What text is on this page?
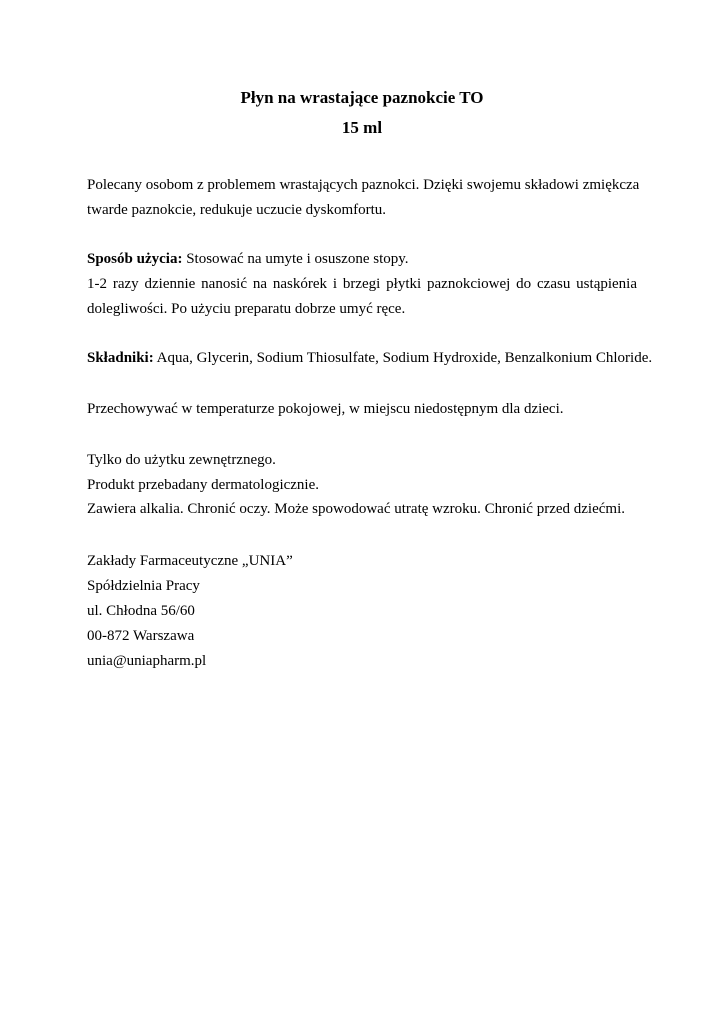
Płyn na wrastające paznokcie TO
15 ml
Polecany osobom z problemem wrastających paznokci. Dzięki swojemu składowi zmiękcza
twarde paznokcie, redukuje uczucie dyskomfortu.
Sposób użycia: Stosować na umyte i osuszone stopy.
1-2 razy dziennie nanosić na naskórek i brzegi płytki paznokciowej do czasu ustąpienia
dolegliwości. Po użyciu preparatu dobrze umyć ręce.
Składniki: Aqua, Glycerin, Sodium Thiosulfate, Sodium Hydroxide, Benzalkonium Chloride.
Przechowywać w temperaturze pokojowej, w miejscu niedostępnym dla dzieci.
Tylko do użytku zewnętrznego.
Produkt przebadany dermatologicznie.
Zawiera alkalia. Chronić oczy. Może spowodować utratę wzroku. Chronić przed dziećmi.
Zakłady Farmaceutyczne „UNIA”
Spółdzielnia Pracy
ul. Chłodna 56/60
00-872 Warszawa
unia@uniapharm.pl
